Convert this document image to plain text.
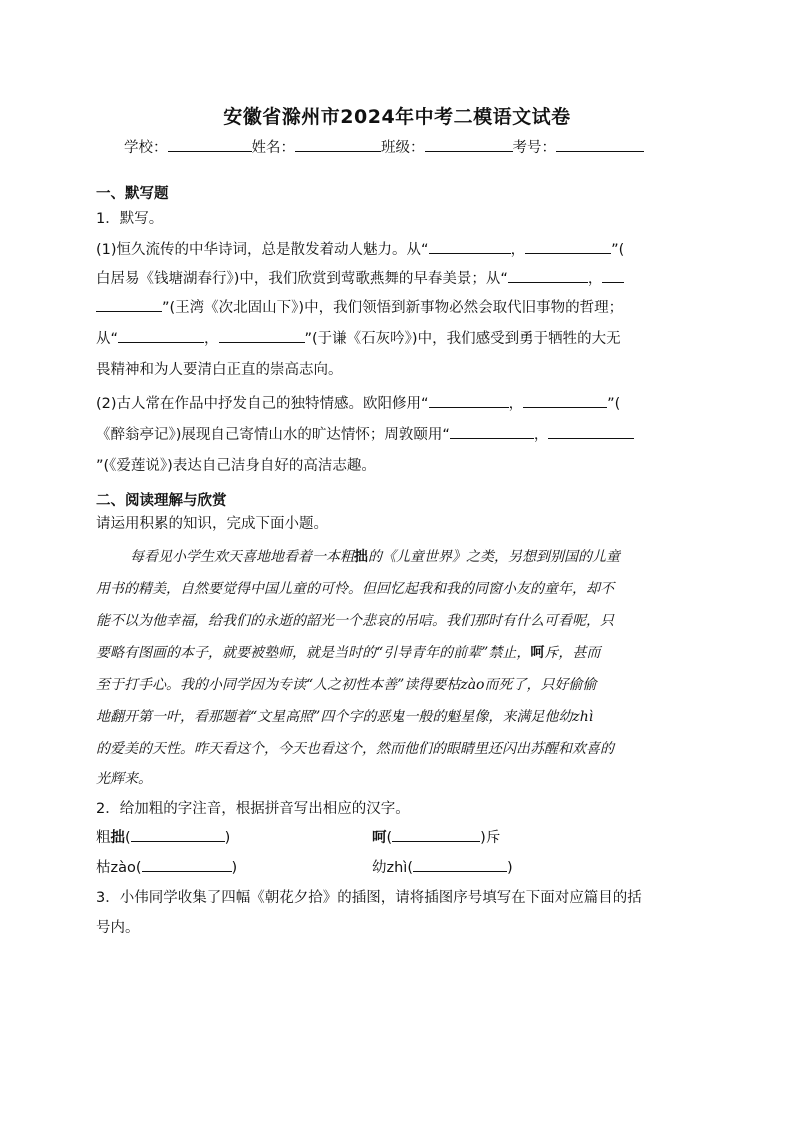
安徽省滁州市2024年中考二模语文试卷
学校：	姓名：	班级：	考号：
一、默写题
1．默写。
(1)恒久流传的中华诗词，总是散发着动人魅力。从“	，	”(
白居易《钱塘湖春行》)中，我们欣赏到莺歌燕舞的早春美景；从“	，
”(王湾《次北固山下》)中，我们领悟到新事物必然会取代旧事物的哲理；
从“	，	”(于谦《石灰吟》)中，我们感受到勇于牺牲的大无
畏精神和为人要清白正直的崇高志向。
(2)古人常在作品中抒发自己的独特情感。欧阳修用“	，	”(
《醉翁亭记》)展现自己寄情山水的旷达情怀；周敦颐用“	，
”(《爱莲说》)表达自己洁身自好的高洁志趣。
二、阅读理解与欣赏
请运用积累的知识，完成下面小题。
每看见小学生欢天喜地地看着一本粗拙的《儿童世界》之类，另想到别国的儿童
用书的精美，自然要觉得中国儿童的可怜。但回忆起我和我的同窗小友的童年，却不
能不以为他幸福，给我们的永逝的韶光一个悲哀的吊唁。我们那时有什么可看呢，只
要略有图画的本子，就要被塾师，就是当时的“引导青年的前辈”禁止，呵斥，甚而
至于打手心。我的小同学因为专读“人之初性本善”读得要枯zào而死了，只好偷偷
地翻开第一叶，看那题着“文星高照”四个字的恶鬼一般的魁星像，来满足他幼zhì
的爱美的天性。昨天看这个，今天也看这个，然而他们的眼睛里还闪出苏醒和欢喜的
光辉来。
2．给加粗的字注音，根据拼音写出相应的汉字。
粗拙(	)	呵(	)斥
枯zào(	)	幼zhì(	)
3．小伟同学收集了四幅《朝花夕拾》的插图，请将插图序号填写在下面对应篇目的括
号内。
